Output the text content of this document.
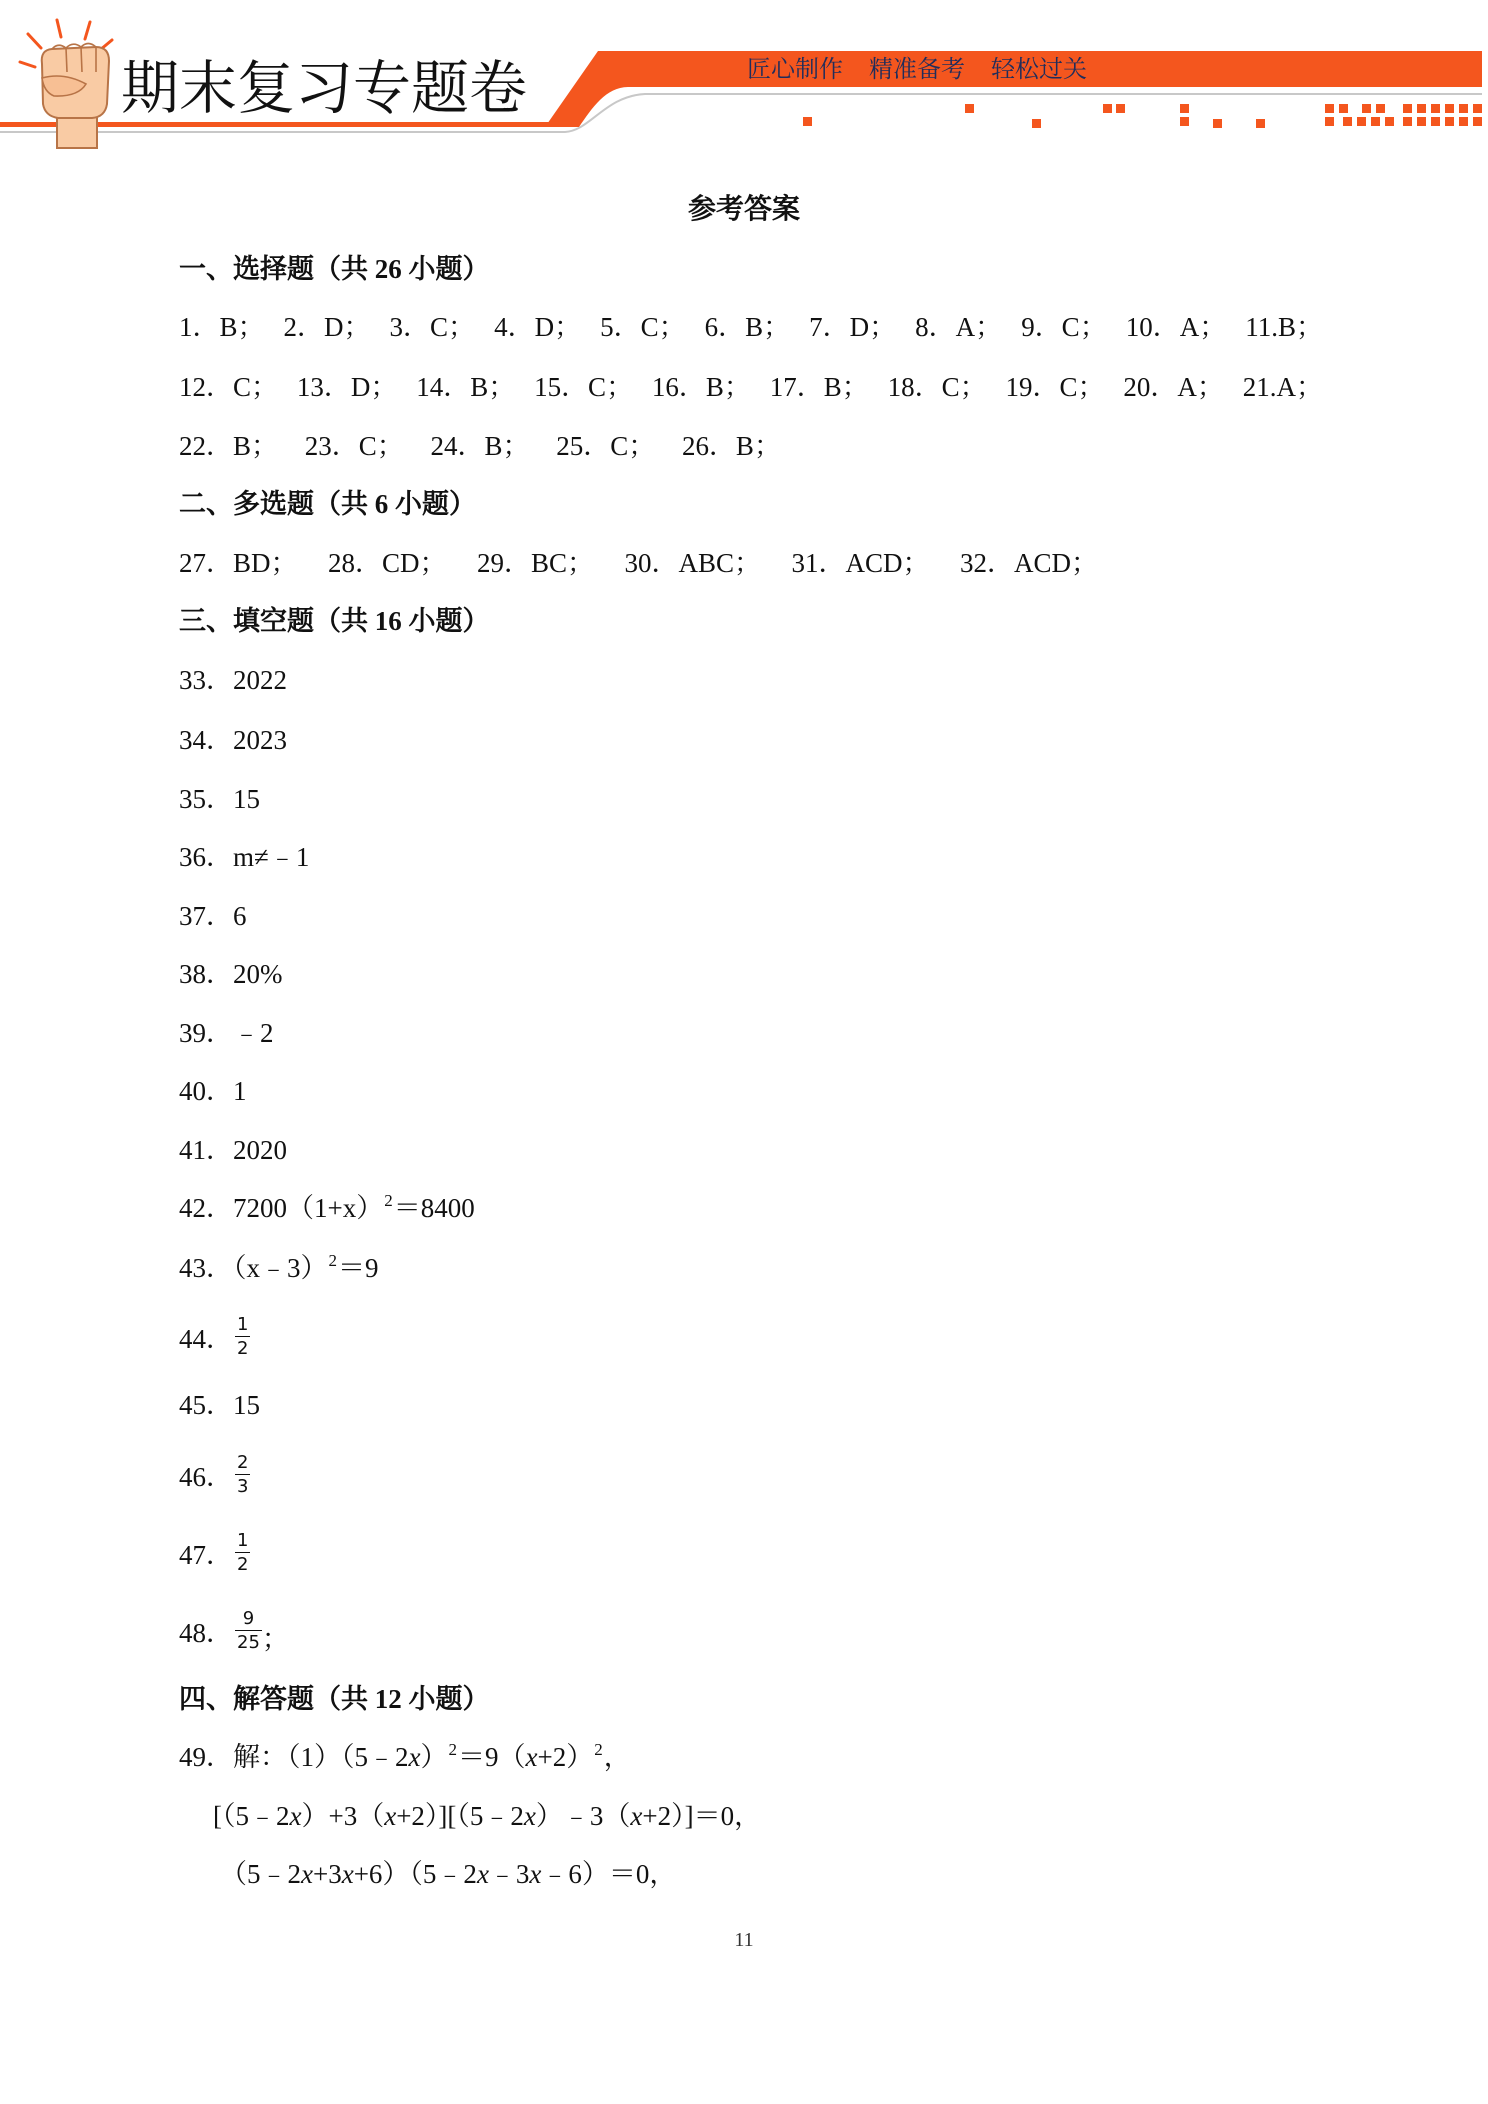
期末复习专题卷	匠心制作 精准备考 轻松过关
参考答案
一、选择题（共 26 小题）
1．B； 2．D； 3．C； 4．D； 5．C； 6．B； 7．D； 8．A； 9．C； 10．A； 11.B；
12．C； 13．D； 14．B； 15．C； 16．B； 17．B； 18．C； 19．C； 20．A； 21.A；
22．B； 23．C； 24．B； 25．C； 26．B；
二、多选题（共 6 小题）
27．BD； 28．CD； 29．BC； 30．ABC； 31．ACD； 32．ACD；
三、填空题（共 16 小题）
33．2022
34．2023
35．15
36．m≠﹣1
37．6
38．20%
39．﹣2
40．1
41．2020
42．$7200(1+x)^2=8400$
43．（x﹣3）$^2$＝9
44． $\frac{1}{2}$
45．15
46． $\frac{2}{3}$
47． $\frac{1}{2}$
48． $\frac{9}{25}$ ；
四、解答题（共 12 小题）
49．解：$(1)(5﹣2x)^2=9(x+2)^2$，
[（5﹣2x）+3（x+2）][（5﹣2x）﹣3（x+2）]＝0，
（5﹣2x+3x+6）（5﹣2x﹣3x﹣6）＝0，
11
